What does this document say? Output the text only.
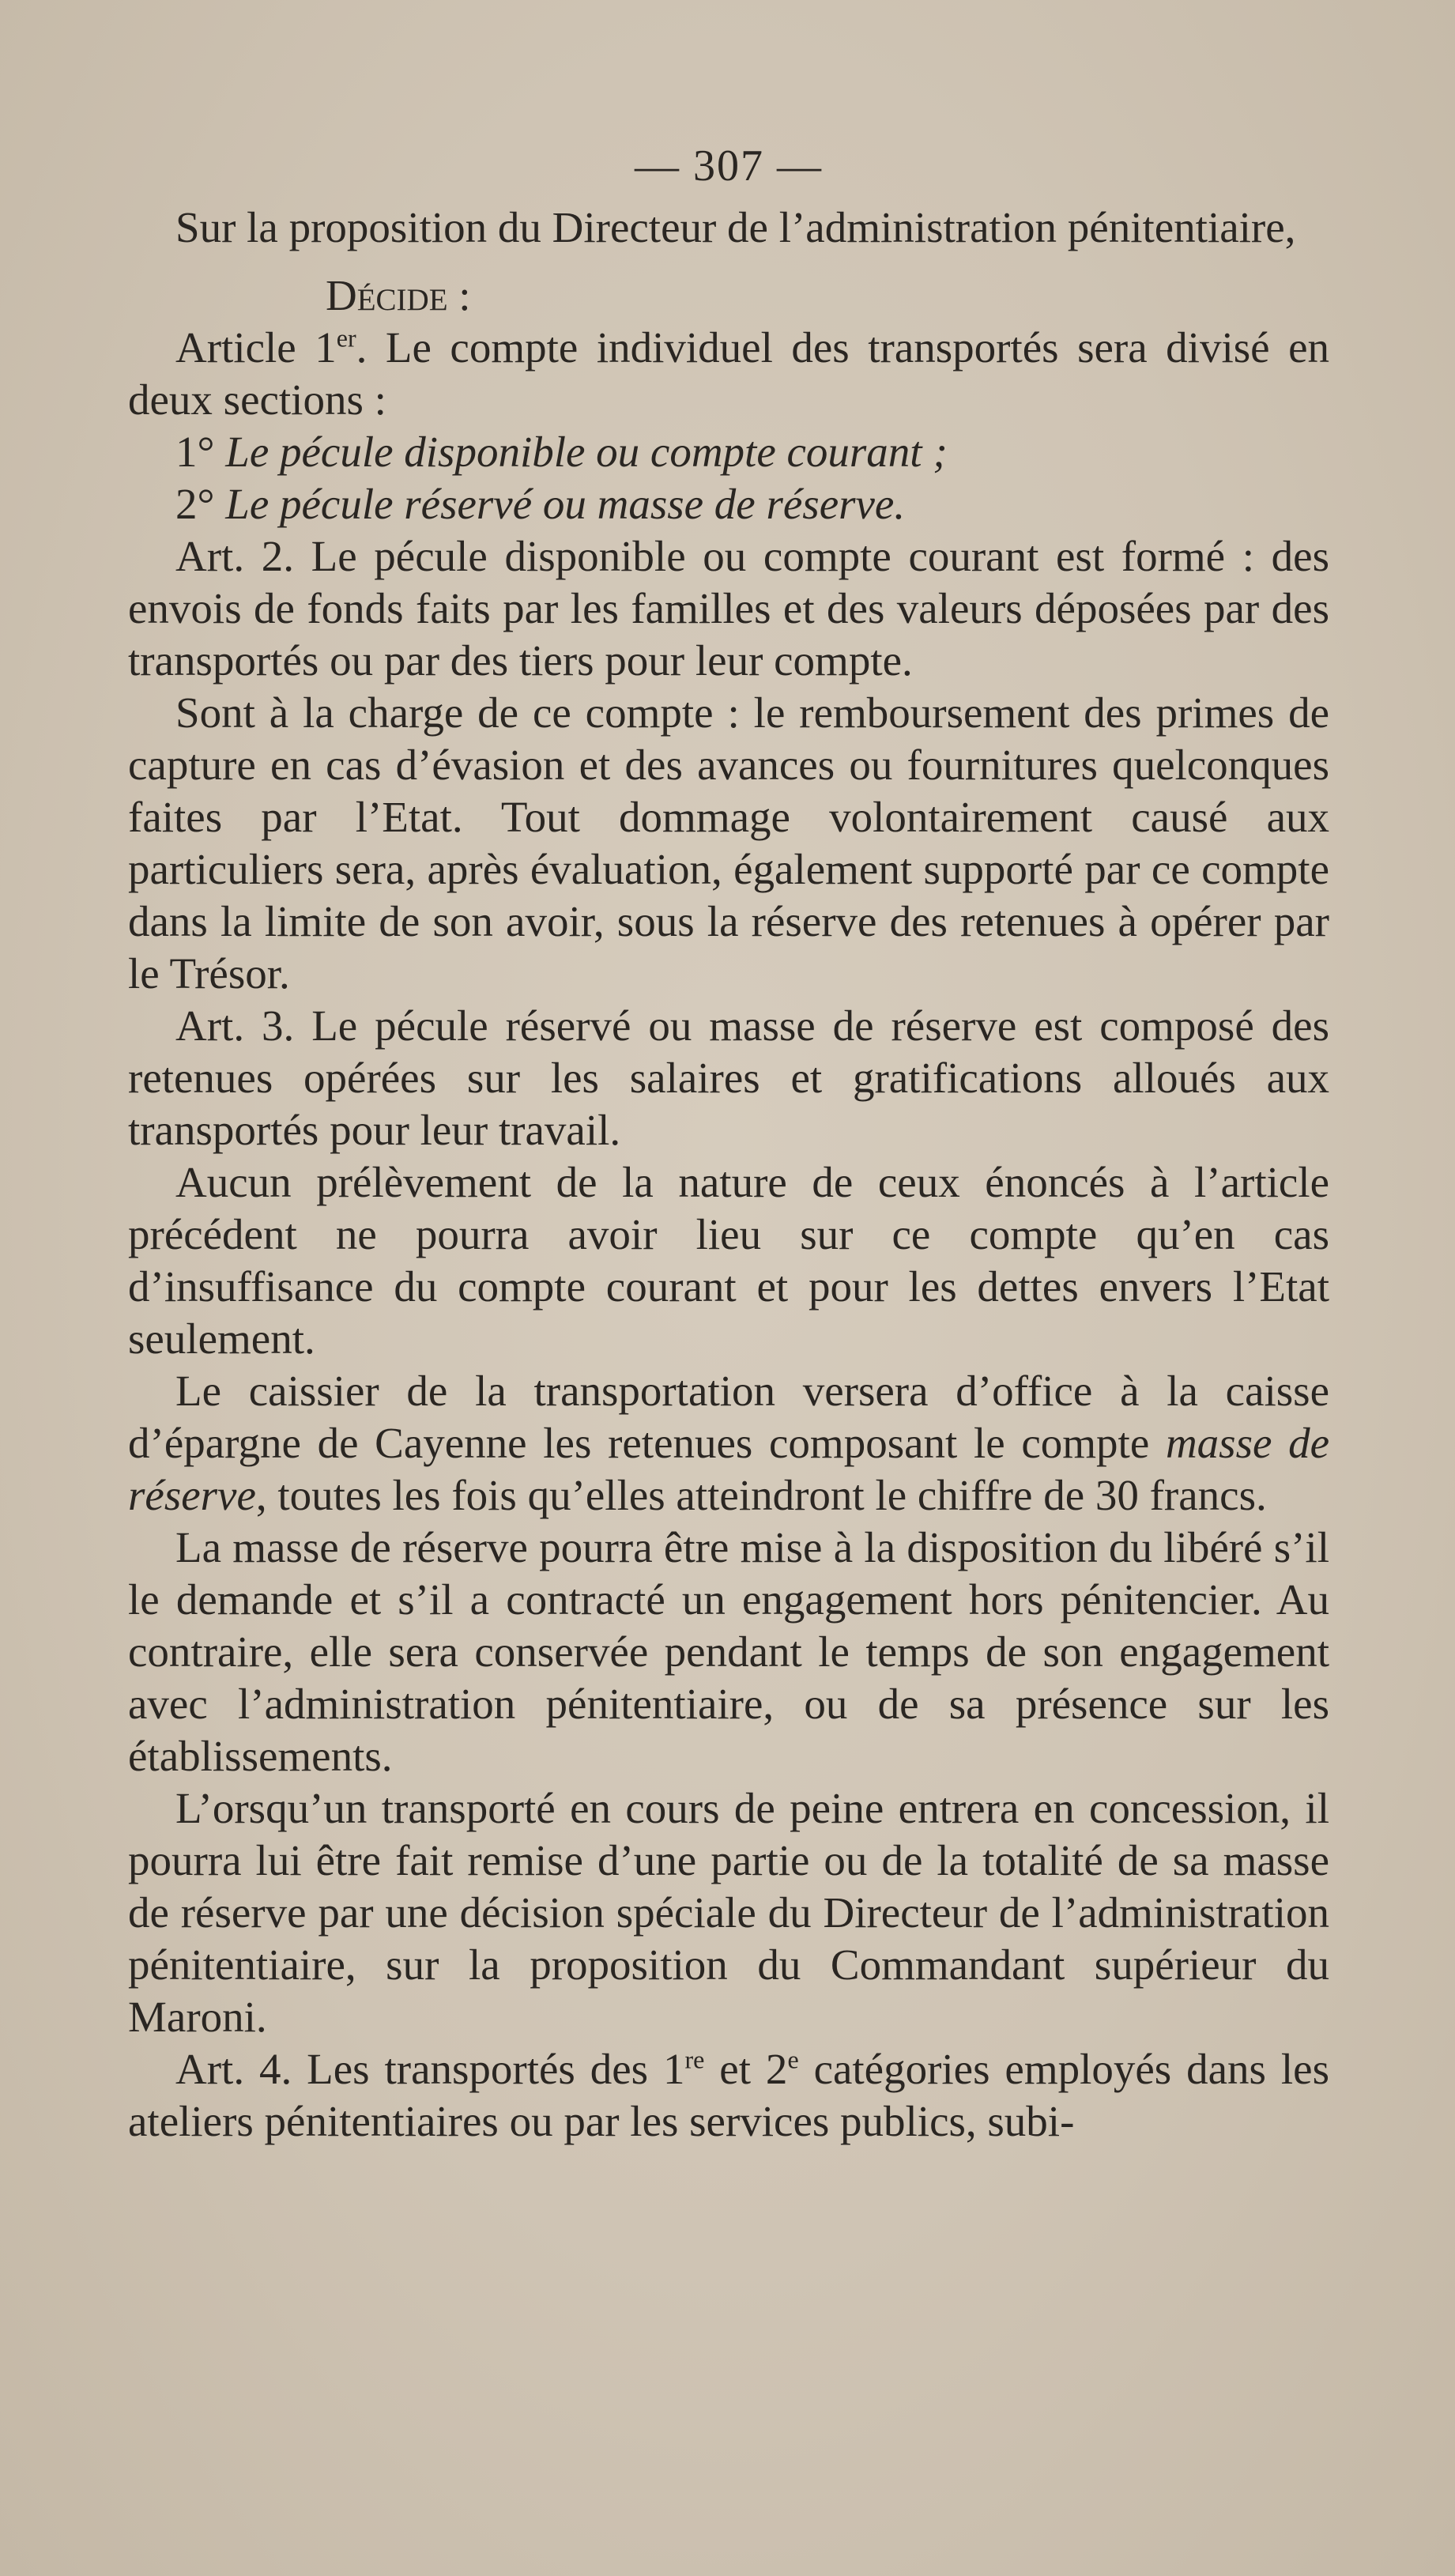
— 307 —

Sur la proposition du Directeur de l’administration pénitentiaire,

Décide :

Article 1er. Le compte individuel des transportés sera divisé en deux sections :

1° Le pécule disponible ou compte courant ;

2° Le pécule réservé ou masse de réserve.

Art. 2. Le pécule disponible ou compte courant est formé : des envois de fonds faits par les familles et des valeurs déposées par des transportés ou par des tiers pour leur compte.

Sont à la charge de ce compte : le remboursement des primes de capture en cas d’évasion et des avances ou fournitures quelconques faites par l’Etat. Tout dommage volontairement causé aux particuliers sera, après évaluation, également supporté par ce compte dans la limite de son avoir, sous la réserve des retenues à opérer par le Trésor.

Art. 3. Le pécule réservé ou masse de réserve est composé des retenues opérées sur les salaires et gratifications alloués aux transportés pour leur travail.

Aucun prélèvement de la nature de ceux énoncés à l’article précédent ne pourra avoir lieu sur ce compte qu’en cas d’insuffisance du compte courant et pour les dettes envers l’Etat seulement.

Le caissier de la transportation versera d’office à la caisse d’épargne de Cayenne les retenues composant le compte masse de réserve, toutes les fois qu’elles atteindront le chiffre de 30 francs.

La masse de réserve pourra être mise à la disposition du libéré s’il le demande et s’il a contracté un engagement hors pénitencier. Au contraire, elle sera conservée pendant le temps de son engagement avec l’administration pénitentiaire, ou de sa présence sur les établissements.

L’orsqu’un transporté en cours de peine entrera en concession, il pourra lui être fait remise d’une partie ou de la totalité de sa masse de réserve par une décision spéciale du Directeur de l’administration pénitentiaire, sur la proposition du Commandant supérieur du Maroni.

Art. 4. Les transportés des 1re et 2e catégories employés dans les ateliers pénitentiaires ou par les services publics, subi-
